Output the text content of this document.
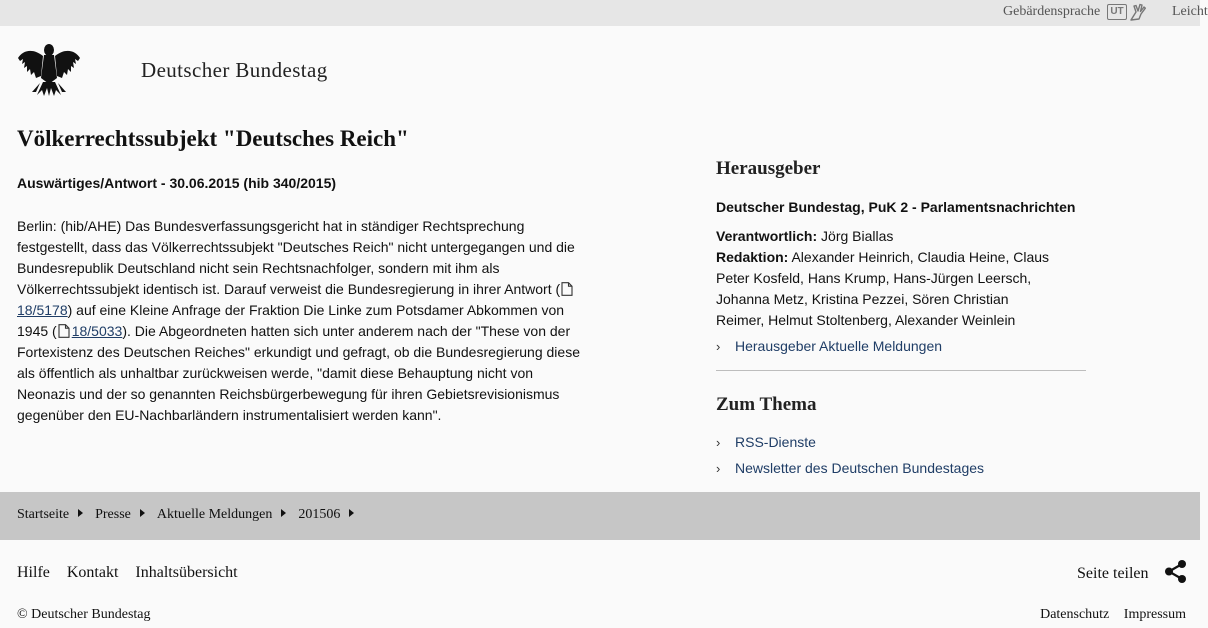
Gebärdensprache	UT	Leicht
Deutscher Bundestag
Völkerrechtssubjekt "Deutsches Reich"
Auswärtiges/Antwort - 30.06.2015 (hib 340/2015)
Berlin: (hib/AHE) Das Bundesverfassungsgericht hat in ständiger Rechtsprechung
festgestellt, dass das Völkerrechtssubjekt "Deutsches Reich" nicht untergegangen und die
Bundesrepublik Deutschland nicht sein Rechtsnachfolger, sondern mit ihm als
Völkerrechtssubjekt identisch ist. Darauf verweist die Bundesregierung in ihrer Antwort (
18/5178) auf eine Kleine Anfrage der Fraktion Die Linke zum Potsdamer Abkommen von
1945 ( 18/5033). Die Abgeordneten hatten sich unter anderem nach der "These von der
Fortexistenz des Deutschen Reiches" erkundigt und gefragt, ob die Bundesregierung diese
als öffentlich als unhaltbar zurückweisen werde, "damit diese Behauptung nicht von
Neonazis und der so genannten Reichsbürgerbewegung für ihren Gebietsrevisionismus
gegenüber den EU-Nachbarländern instrumentalisiert werden kann".
Herausgeber
Deutscher Bundestag, PuK 2 - Parlamentsnachrichten
Verantwortlich: Jörg Biallas
Redaktion: Alexander Heinrich, Claudia Heine, Claus
Peter Kosfeld, Hans Krump, Hans-Jürgen Leersch,
Johanna Metz, Kristina Pezzei, Sören Christian
Reimer, Helmut Stoltenberg, Alexander Weinlein
› Herausgeber Aktuelle Meldungen
Zum Thema
› RSS-Dienste
› Newsletter des Deutschen Bundestages
Startseite Presse Aktuelle Meldungen 201506
Hilfe Kontakt Inhaltsübersicht	Seite teilen
© Deutscher Bundestag	Datenschutz Impressum
